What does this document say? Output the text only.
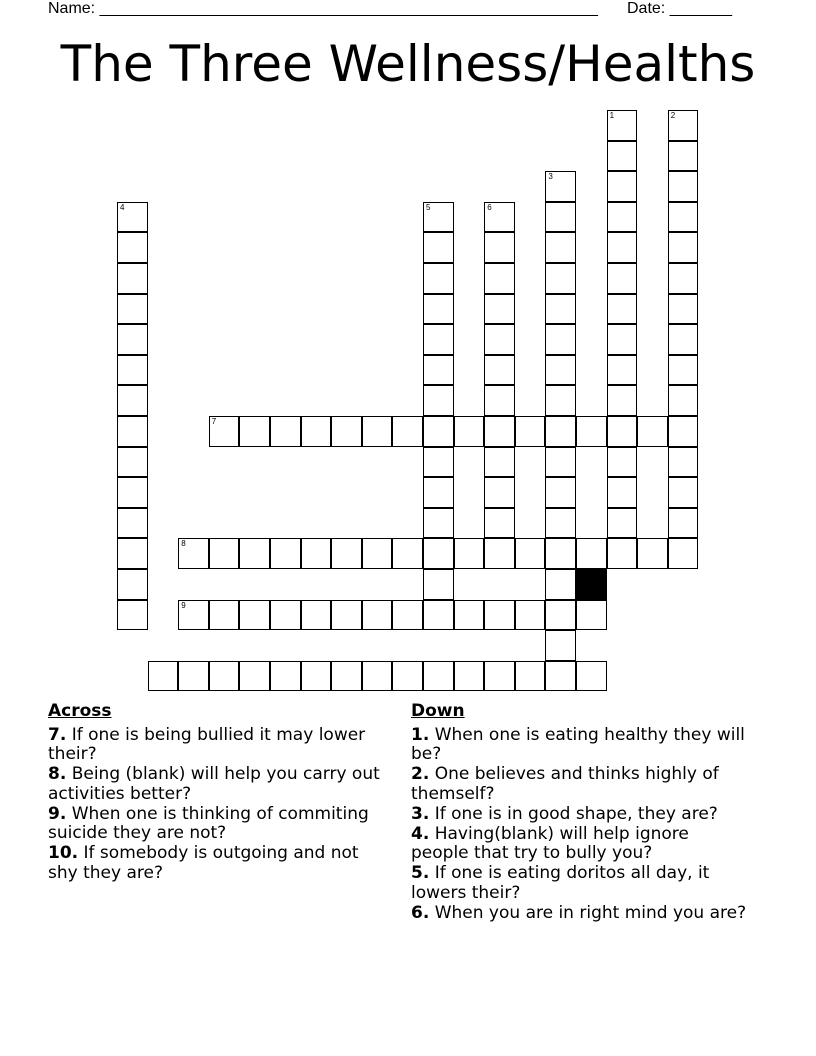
Name: ________________________________________________________ Date: _______
The Three Wellness/Healths
1	2
3
4	5	6
7
8
9
Across
7. If one is being bullied it may lower their?
8. Being (blank) will help you carry out activities better?
9. When one is thinking of commiting suicide they are not?
10. If somebody is outgoing and not shy they are?
Down
1. When one is eating healthy they will be?
2. One believes and thinks highly of themself?
3. If one is in good shape, they are?
4. Having(blank) will help ignore people that try to bully you?
5. If one is eating doritos all day, it lowers their?
6. When you are in right mind you are?
